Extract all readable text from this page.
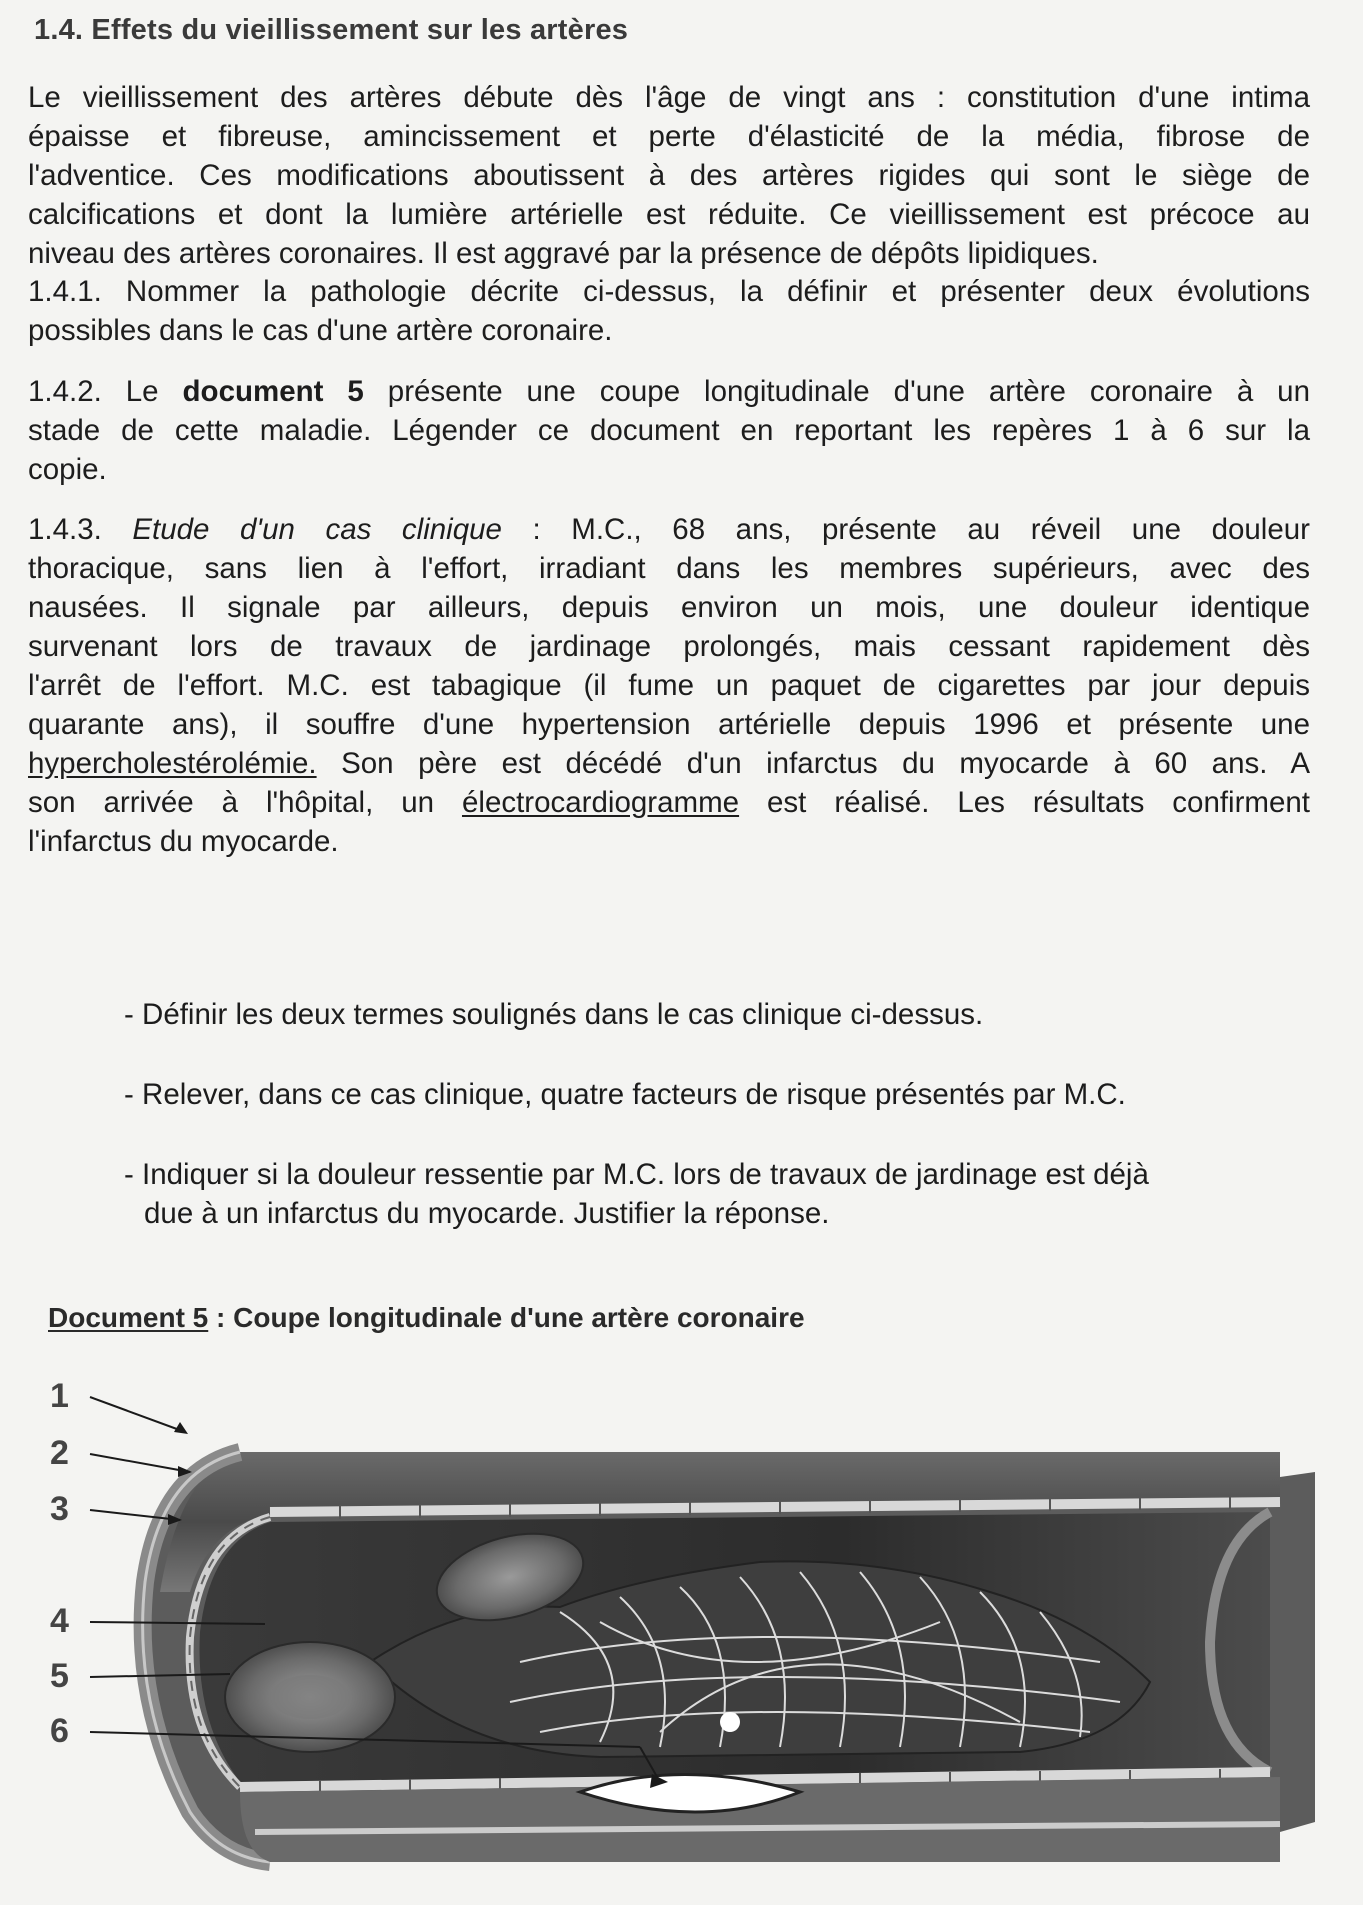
1.4. Effets du vieillissement sur les artères
Le vieillissement des artères débute dès l'âge de vingt ans : constitution d'une intima
épaisse et fibreuse, amincissement et perte d'élasticité de la média, fibrose de
l'adventice. Ces modifications aboutissent à des artères rigides qui sont le siège de
calcifications et dont la lumière artérielle est réduite. Ce vieillissement est précoce au
niveau des artères coronaires. Il est aggravé par la présence de dépôts lipidiques.
1.4.1. Nommer la pathologie décrite ci-dessus, la définir et présenter deux évolutions
possibles dans le cas d'une artère coronaire.
1.4.2. Le document 5 présente une coupe longitudinale d'une artère coronaire à un
stade de cette maladie. Légender ce document en reportant les repères 1 à 6 sur la
copie.
1.4.3. Etude d'un cas clinique : M.C., 68 ans, présente au réveil une douleur
thoracique, sans lien à l'effort, irradiant dans les membres supérieurs, avec des
nausées. Il signale par ailleurs, depuis environ un mois, une douleur identique
survenant lors de travaux de jardinage prolongés, mais cessant rapidement dès
l'arrêt de l'effort. M.C. est tabagique (il fume un paquet de cigarettes par jour depuis
quarante ans), il souffre d'une hypertension artérielle depuis 1996 et présente une
hypercholestérolémie. Son père est décédé d'un infarctus du myocarde à 60 ans. A
son arrivée à l'hôpital, un électrocardiogramme est réalisé. Les résultats confirment
l'infarctus du myocarde.
- Définir les deux termes soulignés dans le cas clinique ci-dessus.
- Relever, dans ce cas clinique, quatre facteurs de risque présentés par M.C.
- Indiquer si la douleur ressentie par M.C. lors de travaux de jardinage est déjà
due à un infarctus du myocarde. Justifier la réponse.
Document 5 : Coupe longitudinale d'une artère coronaire
1
2
3
4
5
6
